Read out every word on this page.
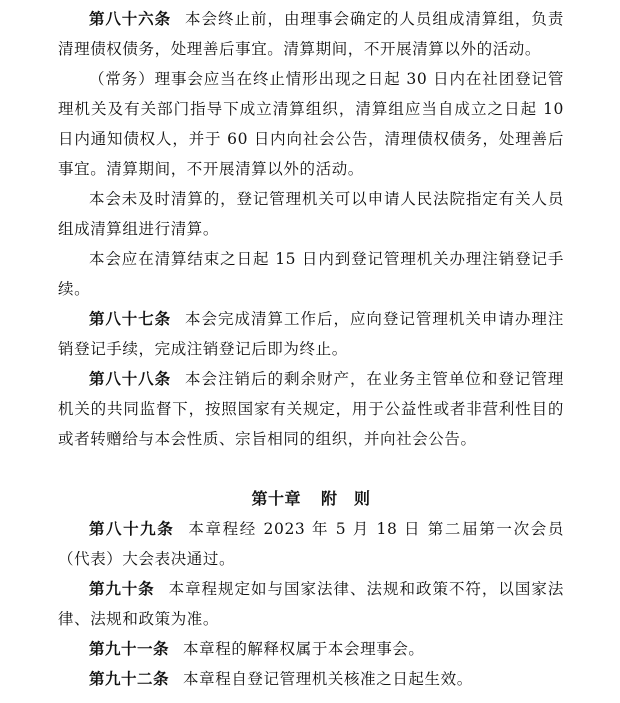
第八十六条 本会终止前，由理事会确定的人员组成清算组，负责清理债权债务，处理善后事宜。清算期间，不开展清算以外的活动。

（常务）理事会应当在终止情形出现之日起 30 日内在社团登记管理机关及有关部门指导下成立清算组织，清算组应当自成立之日起 10 日内通知债权人，并于 60 日内向社会公告，清理债权债务，处理善后事宜。清算期间，不开展清算以外的活动。

本会未及时清算的，登记管理机关可以申请人民法院指定有关人员组成清算组进行清算。

本会应在清算结束之日起 15 日内到登记管理机关办理注销登记手续。

第八十七条 本会完成清算工作后，应向登记管理机关申请办理注销登记手续，完成注销登记后即为终止。

第八十八条 本会注销后的剩余财产，在业务主管单位和登记管理机关的共同监督下，按照国家有关规定，用于公益性或者非营利性目的或者转赠给与本会性质、宗旨相同的组织，并向社会公告。

第十章 附　则

第八十九条 本章程经 2023 年 5 月 18 日 第二届第一次会员（代表）大会表决通过。

第九十条 本章程规定如与国家法律、法规和政策不符，以国家法律、法规和政策为准。

第九十一条 本章程的解释权属于本会理事会。

第九十二条 本章程自登记管理机关核准之日起生效。
